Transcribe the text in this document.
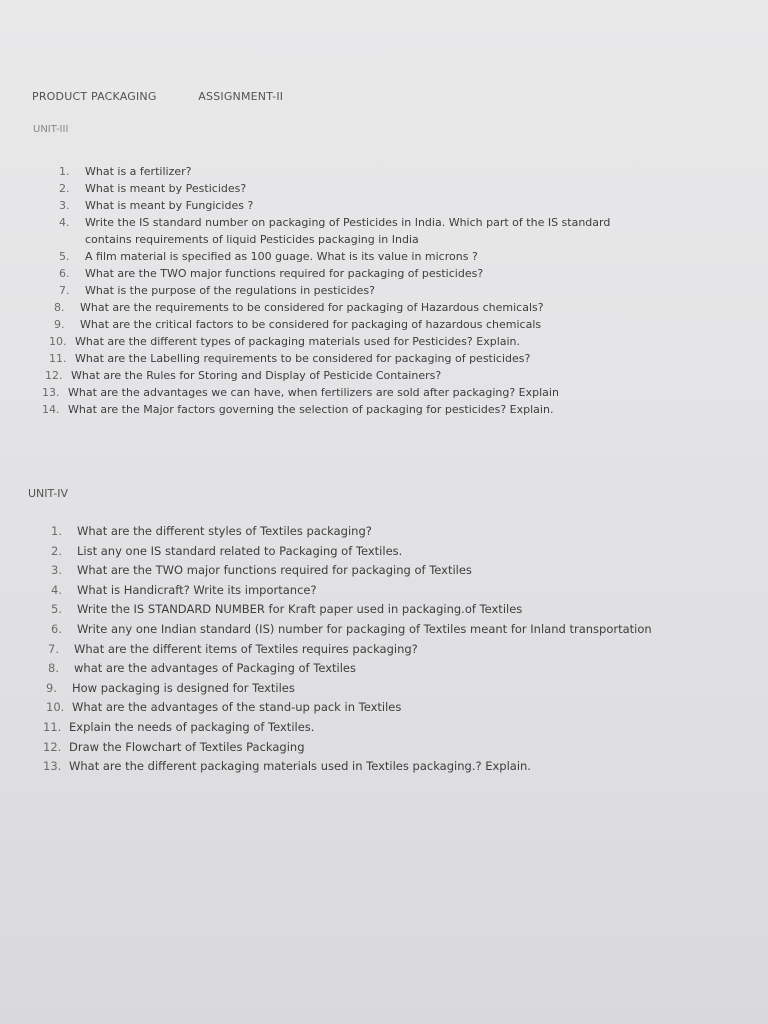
PRODUCT PACKAGING	ASSIGNMENT-II
UNIT-III
1. What is a fertilizer?
2. What is meant by Pesticides?
3. What is meant by Fungicides ?
4. Write the IS standard number on packaging of Pesticides in India. Which part of the IS standard
contains requirements of liquid Pesticides packaging in India
5. A film material is specified as 100 guage. What is its value in microns ?
6. What are the TWO major functions required for packaging of pesticides?
7. What is the purpose of the regulations in pesticides?
8. What are the requirements to be considered for packaging of Hazardous chemicals?
9. What are the critical factors to be considered for packaging of hazardous chemicals
10. What are the different types of packaging materials used for Pesticides? Explain.
11. What are the Labelling requirements to be considered for packaging of pesticides?
12. What are the Rules for Storing and Display of Pesticide Containers?
13. What are the advantages we can have, when fertilizers are sold after packaging? Explain
14. What are the Major factors governing the selection of packaging for pesticides? Explain.
UNIT-IV
1. What are the different styles of Textiles packaging?
2. List any one IS standard related to Packaging of Textiles.
3. What are the TWO major functions required for packaging of Textiles
4. What is Handicraft? Write its importance?
5. Write the IS STANDARD NUMBER for Kraft paper used in packaging.of Textiles
6. Write any one Indian standard (IS) number for packaging of Textiles meant for Inland transportation
7. What are the different items of Textiles requires packaging?
8. what are the advantages of Packaging of Textiles
9. How packaging is designed for Textiles
10. What are the advantages of the stand-up pack in Textiles
11. Explain the needs of packaging of Textiles.
12. Draw the Flowchart of Textiles Packaging
13. What are the different packaging materials used in Textiles packaging.? Explain.
